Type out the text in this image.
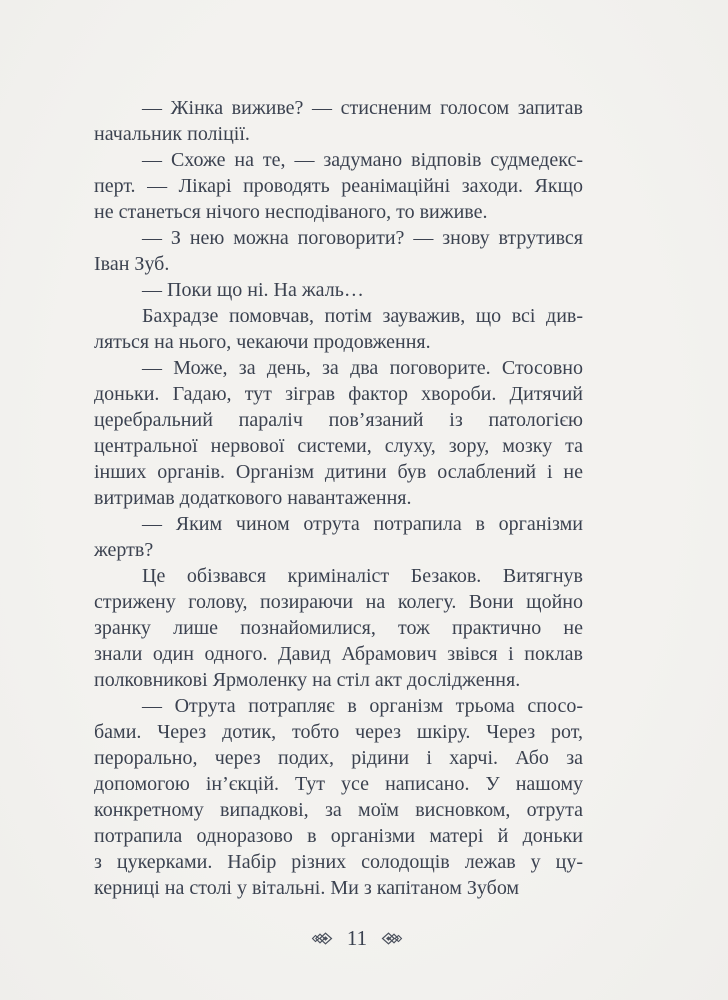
— Жінка виживе? — стисненим голосом запитав
начальник поліції.
— Схоже на те, — задумано відповів судмедекс-
перт. — Лікарі проводять реанімаційні заходи. Якщо
не станеться нічого несподіваного, то виживе.
— З нею можна поговорити? — знову втрутився
Іван Зуб.
— Поки що ні. На жаль…
Бахрадзе помовчав, потім зауважив, що всі див-
ляться на нього, чекаючи продовження.
— Може, за день, за два поговорите. Стосовно
доньки. Гадаю, тут зіграв фактор хвороби. Дитячий
церебральний параліч пов’язаний із патологією
центральної нервової системи, слуху, зору, мозку та
інших органів. Організм дитини був ослаблений і не
витримав додаткового навантаження.
— Яким чином отрута потрапила в організми
жертв?
Це обізвався криміналіст Безаков. Витягнув
стрижену голову, позираючи на колегу. Вони щойно
зранку лише познайомилися, тож практично не
знали один одного. Давид Абрамович звівся і поклав
полковникові Ярмоленку на стіл акт дослідження.
— Отрута потрапляє в організм трьома спосо-
бами. Через дотик, тобто через шкіру. Через рот,
перорально, через подих, рідини і харчі. Або за
допомогою ін’єкцій. Тут усе написано. У нашому
конкретному випадкові, за моїм висновком, отрута
потрапила одноразово в організми матері й доньки
з цукерками. Набір різних солодощів лежав у цу-
керниці на столі у вітальні. Ми з капітаном Зубом
11
